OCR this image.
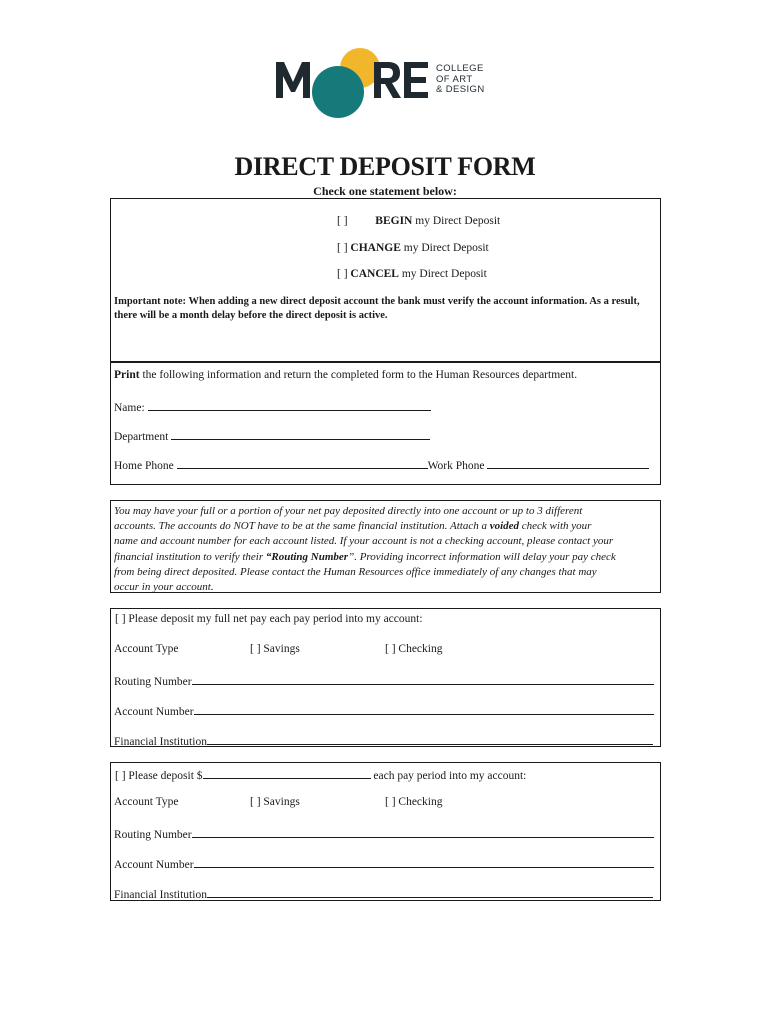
COLLEGE
OF ART
& DESIGN
DIRECT DEPOSIT FORM
Check one statement below:
[ ] BEGIN my Direct Deposit
[ ] CHANGE my Direct Deposit
[ ] CANCEL my Direct Deposit
Important note: When adding a new direct deposit account the bank must verify the account information. As a result,
there will be a month delay before the direct deposit is active.
Print the following information and return the completed form to the Human Resources department.
Name:
Department
Home Phone	Work Phone
You may have your full or a portion of your net pay deposited directly into one account or up to 3 different
accounts. The accounts do NOT have to be at the same financial institution. Attach a voided check with your
name and account number for each account listed. If your account is not a checking account, please contact your
financial institution to verify their “Routing Number”. Providing incorrect information will delay your pay check
from being direct deposited. Please contact the Human Resources office immediately of any changes that may
occur in your account.
[ ] Please deposit my full net pay each pay period into my account:
Account Type	[ ] Savings	[ ] Checking
Routing Number
Account Number
Financial Institution
[ ] Please deposit $	each pay period into my account:
Account Type	[ ] Savings	[ ] Checking
Routing Number
Account Number
Financial Institution
